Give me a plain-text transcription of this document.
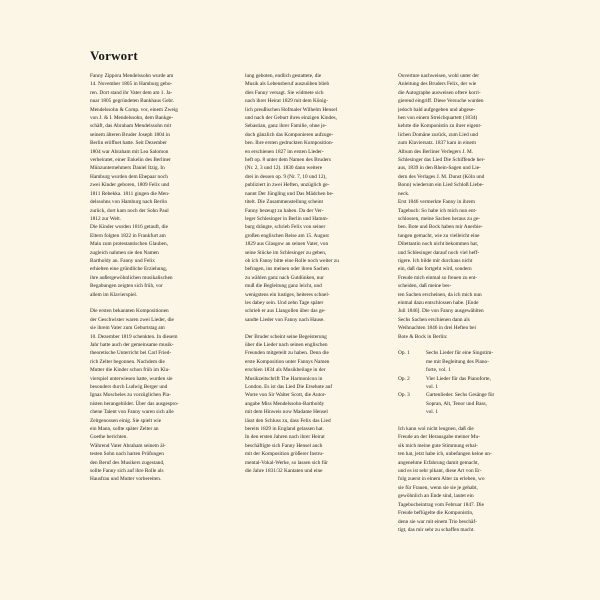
Vorwort
Fanny Zippora Mendelssohn wurde am
14. November 1805 in Hamburg gebo-
ren. Dort stand ihr Vater dem am 1. Ja-
nuar 1805 gegründeten Bankhaus Gebr.
Mendelssohn & Comp. vor, einem Zweig
von J. & I. Mendelssohn, dem Bankge-
schäft, das Abraham Mendelssohn mit
seinem älteren Bruder Joseph 1804 in
Berlin eröffnet hatte. Seit Dezember
1804 war Abraham mit Lea Salomon
verheiratet, einer Enkelin des Berliner
Münzunternehmers Daniel Itzig. In
Hamburg wurden dem Ehepaar noch
zwei Kinder geboren, 1809 Felix und
1811 Rebekka. 1811 gingen die Men-
delssohns von Hamburg nach Berlin
zurück, dort kam noch der Sohn Paul
1812 zur Welt.
Die Kinder wurden 1816 getauft, die
Eltern folgten 1822 in Frankfurt am
Main zum protestantischen Glauben,
zugleich nahmen sie den Namen
Bartholdy an. Fanny und Felix
erhielten eine gründliche Erziehung,
ihre außergewöhnlichen musikalischen
Begabungen zeigten sich früh, vor
allem im Klavierspiel.
Die ersten bekannten Kompositionen
der Geschwister waren zwei Lieder, die
sie ihrem Vater zum Geburtstag am
10. Dezember 1819 schenkten. In diesem
Jahr hatte auch der gemeinsame musik-
theoretische Unterricht bei Carl Fried-
rich Zelter begonnen. Nachdem die
Mutter die Kinder schon früh im Kla-
vierspiel unterwiesen hatte, wurden sie
besonders durch Ludwig Berger und
Ignaz Moscheles zu vorzüglichen Pia-
nisten herangebildet. Über das ausgespro-
chene Talent von Fanny waren sich alle
Zeitgenossen einig. Sie spielt wie
ein Mann, sollte später Zelter an
Goethe berichten.
Während Vater Abraham seinem äl-
testen Sohn nach harten Prüfungen
den Beruf des Musikers zugestand,
sollte Fanny sich auf ihre Rolle als
Hausfrau und Mutter vorbereiten.
lung geboten, endlich gestattete, die
Musik als Lebensberuf auszuüben blieb
dies Fanny versagt. Sie widmete sich
nach ihrer Heirat 1829 mit dem König-
lich preußischen Hofmaler Wilhelm Hensel
und nach der Geburt ihres einzigen Kindes,
Sebastian, ganz ihrer Familie, ohne je-
doch gänzlich das Komponieren aufzuge-
ben. Ihre ersten gedruckten Komposition-
en erschienen 1827 im ersten Lieder-
heft op. 8 unter dem Namen des Bruders
(Nr. 2, 3 und 12). 1830 dann weitere
drei in dessen op. 9 (Nr. 7, 10 und 12),
publiziert in zwei Heften, unzüglich ge-
nannt Der Jüngling und Das Mädchen be-
titelt. Die Zusammenstellung scheint
Fanny bezeugt zu haben. Da der Ver-
leger Schlesinger in Berlin und Hamm-
burg drängte, schrieb Felix von seiner
großen englischen Reise am 15. August
1829 aus Glasgow an seinen Vater, von
seine Stücke im Schlesinger zu geben,
ob ich Fanny bitte eine Rolle noch weiter zu
befragen, ins meinen oder ihren Sachen
zu wählen ganz nach Gutdünken, nur
muß die Begleitung ganz leicht, und
wenigstens ein lustiges, heiteres schnel-
les dabey sein. Und zehn Tage später
schrieb er aus Llangollen über das ge-
sandte Lieder von Fanny nach Hause.
Der Bruder scheint seine Begeisterung
über die Lieder nach seinen englischen
Freunden mitgeteilt zu haben. Denn die
erste Komposition unter Fannys Namen
erschien 1834 als Musikbeilage in der
Musikzeitschrift The Harmonicon in
London. Es ist das Lied Die Ersehnte auf
Worte von Sir Walter Scott, die Autor-
angabe Miss Mendelssohn-Bartholdy
mit dem Hinweis now Madame Hensel
lässt den Schluss zu, dass Felix das Lied
bereits 1829 in England gelassen hat.
In den ersten Jahren nach ihrer Heirat
beschäftigte sich Fanny Hensel auch
mit der Komposition größerer Instru-
mental-Vokal-Werke, so lassen sich für
die Jahre 1831/32 Kantaten und eine
Ouverture nachweisen, wohl unter der
Anleitung des Bruders Felix, der wie
die Autographe ausweisen oftere korri-
gierend eingriff. Diese Versuche wurden
jedoch bald aufgegeben und abgese-
hen von einem Streichquartett (1834)
kehrte die Komponistin zu ihrer eigent-
lichen Domäne zurück, zum Lied und
zum Klaviersatz. 1837 kam in einem
Album des Berliner Verlegers J. M.
Schlesinger das Lied Die Schiffende her-
aus, 1839 in den Rhein-Sagen und Lie-
dern des Verlages J. M. Dunst (Köln und
Bonn) wiederum ein Lied Schloß Liebe-
neck.
Erst 1846 vermerkte Fanny in ihrem
Tagebuch: So habe ich mich nun ent-
schlossen, meine Sachen heraus zu ge-
ben. Bote und Bock haben mir Anerbie-
tungen gemacht, wie zu vielleicht eine
Dilettantin noch nicht bekommen hat,
und Schlesinger darauf noch viel heff-
tigere. Ich bilde mir durchaus nicht
ein, daß das fortgeht wird, sondern
Freude mich einmal so freuen zu ent-
scheiden, daß meine bes-
ten Sachen erscheinen, da ich mich nun
einmal dazu entschlossen habe. [Ende
Juli 1846]. Die von Fanny ausgewählten
Sechs Sachen erschienen dann als
Weihnachten 1846 in drei Heften bei
Bote & Bock in Berlin:
Op. 1	Sechs Lieder für eine Singstim-
me mit Begleitung des Piano-
forte, vol. 1
Op. 2	Vier Lieder für das Pianoforte,
vol. 1
Op. 3	Gartenlieder. Sechs Gesänge für
Sopran, Alt, Tenor und Bass,
vol. 1
Ich kann wol nicht leugnen, daß die
Freude an der Herausgabe meiner Mu-
sik mich meine gute Stimmung erhal-
ten hat, jetzt habe ich, unbefangen keine un-
angenehme Erfahrung damit gemacht,
und es ist sehr pikant, diese Art von Er-
folg zuerst in einem Alter zu erleben, wo
sie für Frauen, wenn sie sie je gehabt,
gewöhnlich an Ende sind, lautet ein
Tagebucheintrag vom Februar 1847. Die
Freude beflügelte die Komponistin,
denn sie war mit einem Trio beschäf-
tigt, das mir sehr zu schaffen macht.
